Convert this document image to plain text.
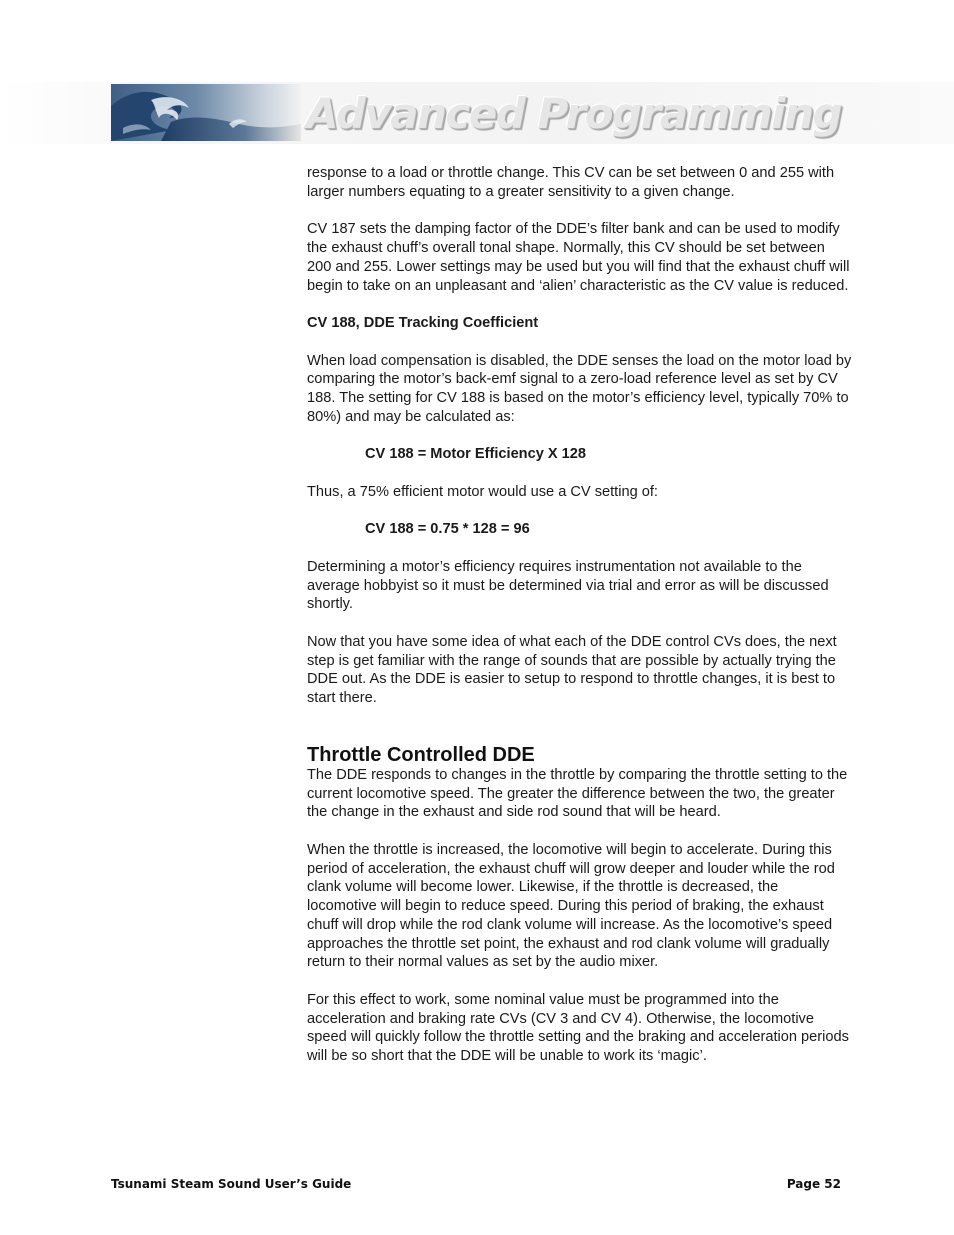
Advanced Programming

response to a load or throttle change. This CV can be set between 0 and 255 with larger numbers equating to a greater sensitivity to a given change.

CV 187 sets the damping factor of the DDE’s filter bank and can be used to modify the exhaust chuff’s overall tonal shape. Normally, this CV should be set between 200 and 255. Lower settings may be used but you will find that the exhaust chuff will begin to take on an unpleasant and ‘alien’ characteristic as the CV value is reduced.

CV 188, DDE Tracking Coefficient

When load compensation is disabled, the DDE senses the load on the motor load by comparing the motor’s back-emf signal to a zero-load reference level as set by CV 188. The setting for CV 188 is based on the motor’s efficiency level, typically 70% to 80%) and may be calculated as:

CV 188 = Motor Efficiency X 128

Thus, a 75% efficient motor would use a CV setting of:

CV 188 = 0.75 * 128 = 96

Determining a motor’s efficiency requires instrumentation not available to the average hobbyist so it must be determined via trial and error as will be discussed shortly.

Now that you have some idea of what each of the DDE control CVs does, the next step is get familiar with the range of sounds that are possible by actually trying the DDE out. As the DDE is easier to setup to respond to throttle changes, it is best to start there.

Throttle Controlled DDE

The DDE responds to changes in the throttle by comparing the throttle setting to the current locomotive speed. The greater the difference between the two, the greater the change in the exhaust and side rod sound that will be heard.

When the throttle is increased, the locomotive will begin to accelerate. During this period of acceleration, the exhaust chuff will grow deeper and louder while the rod clank volume will become lower. Likewise, if the throttle is decreased, the locomotive will begin to reduce speed. During this period of braking, the exhaust chuff will drop while the rod clank volume will increase. As the locomotive’s speed approaches the throttle set point, the exhaust and rod clank volume will gradually return to their normal values as set by the audio mixer.

For this effect to work, some nominal value must be programmed into the acceleration and braking rate CVs (CV 3 and CV 4). Otherwise, the locomotive speed will quickly follow the throttle setting and the braking and acceleration periods will be so short that the DDE will be unable to work its ‘magic’.

Tsunami Steam Sound User’s Guide	Page 52
